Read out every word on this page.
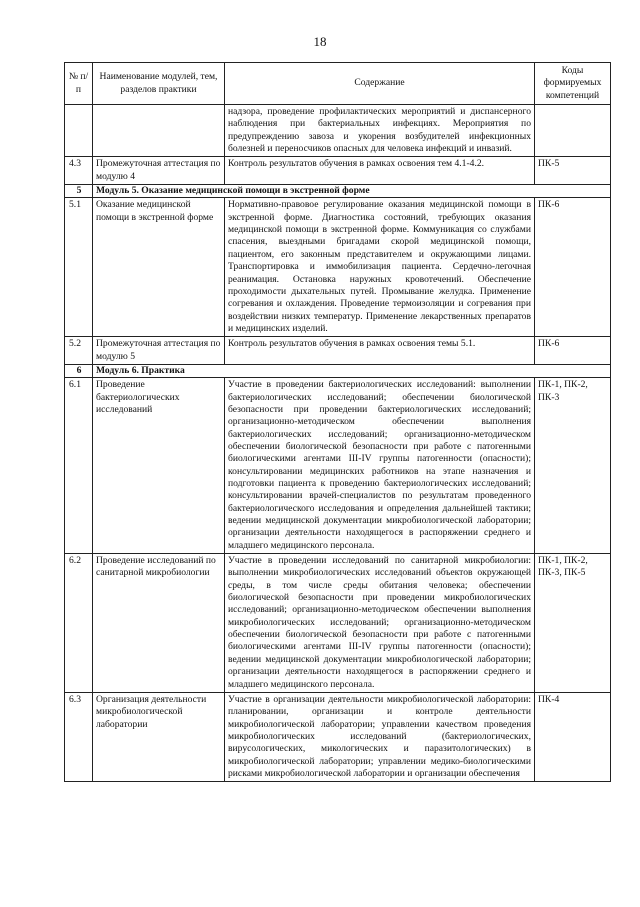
18
№ п/п	Наименование модулей, тем, разделов практики	Содержание	Коды формируемых компетенций
		надзора, проведение профилактических мероприятий и диспансерного наблюдения при бактериальных инфекциях. Мероприятия по предупреждению завоза и укорения возбудителей инфекционных болезней и переносчиков опасных для человека инфекций и инвазий.	
4.3	Промежуточная аттестация по модулю 4	Контроль результатов обучения в рамках освоения тем 4.1-4.2.	ПК-5
5	Модуль 5. Оказание медицинской помощи в экстренной форме		
5.1	Оказание медицинской помощи в экстренной форме	Нормативно-правовое регулирование оказания медицинской помощи в экстренной форме. Диагностика состояний, требующих оказания медицинской помощи в экстренной форме. Коммуникация со службами спасения, выездными бригадами скорой медицинской помощи, пациентом, его законным представителем и окружающими лицами. Транспортировка и иммобилизация пациента. Сердечно-легочная реанимация. Остановка наружных кровотечений. Обеспечение проходимости дыхательных путей. Промывание желудка. Применение согревания и охлаждения. Проведение термоизоляции и согревания при воздействии низких температур. Применение лекарственных препаратов и медицинских изделий.	ПК-6
5.2	Промежуточная аттестация по модулю 5	Контроль результатов обучения в рамках освоения темы 5.1.	ПК-6
6	Модуль 6. Практика		
6.1	Проведение бактериологических исследований	Участие в проведении бактериологических исследований: выполнении бактериологических исследований; обеспечении биологической безопасности при проведении бактериологических исследований; организационно-методическом обеспечении выполнения бактериологических исследований; организационно-методическом обеспечении биологической безопасности при работе с патогенными биологическими агентами III-IV группы патогенности (опасности); консультировании медицинских работников на этапе назначения и подготовки пациента к проведению бактериологических исследований; консультировании врачей-специалистов по результатам проведенного бактериологического исследования и определения дальнейшей тактики; ведении медицинской документации микробиологической лаборатории; организации деятельности находящегося в распоряжении среднего и младшего медицинского персонала.	ПК-1, ПК-2, ПК-3
6.2	Проведение исследований по санитарной микробиологии	Участие в проведении исследований по санитарной микробиологии: выполнении микробиологических исследований объектов окружающей среды, в том числе среды обитания человека; обеспечении биологической безопасности при проведении микробиологических исследований; организационно-методическом обеспечении выполнения микробиологических исследований; организационно-методическом обеспечении биологической безопасности при работе с патогенными биологическими агентами III-IV группы патогенности (опасности); ведении медицинской документации микробиологической лаборатории; организации деятельности находящегося в распоряжении среднего и младшего медицинского персонала.	ПК-1, ПК-2, ПК-3, ПК-5
6.3	Организация деятельности микробиологической лаборатории	Участие в организации деятельности микробиологической лаборатории: планировании, организации и контроле деятельности микробиологической лаборатории; управлении качеством проведения микробиологических исследований (бактериологических, вирусологических, микологических и паразитологических) в микробиологической лаборатории; управлении медико-биологическими рисками микробиологической лаборатории и организации обеспечения	ПК-4
